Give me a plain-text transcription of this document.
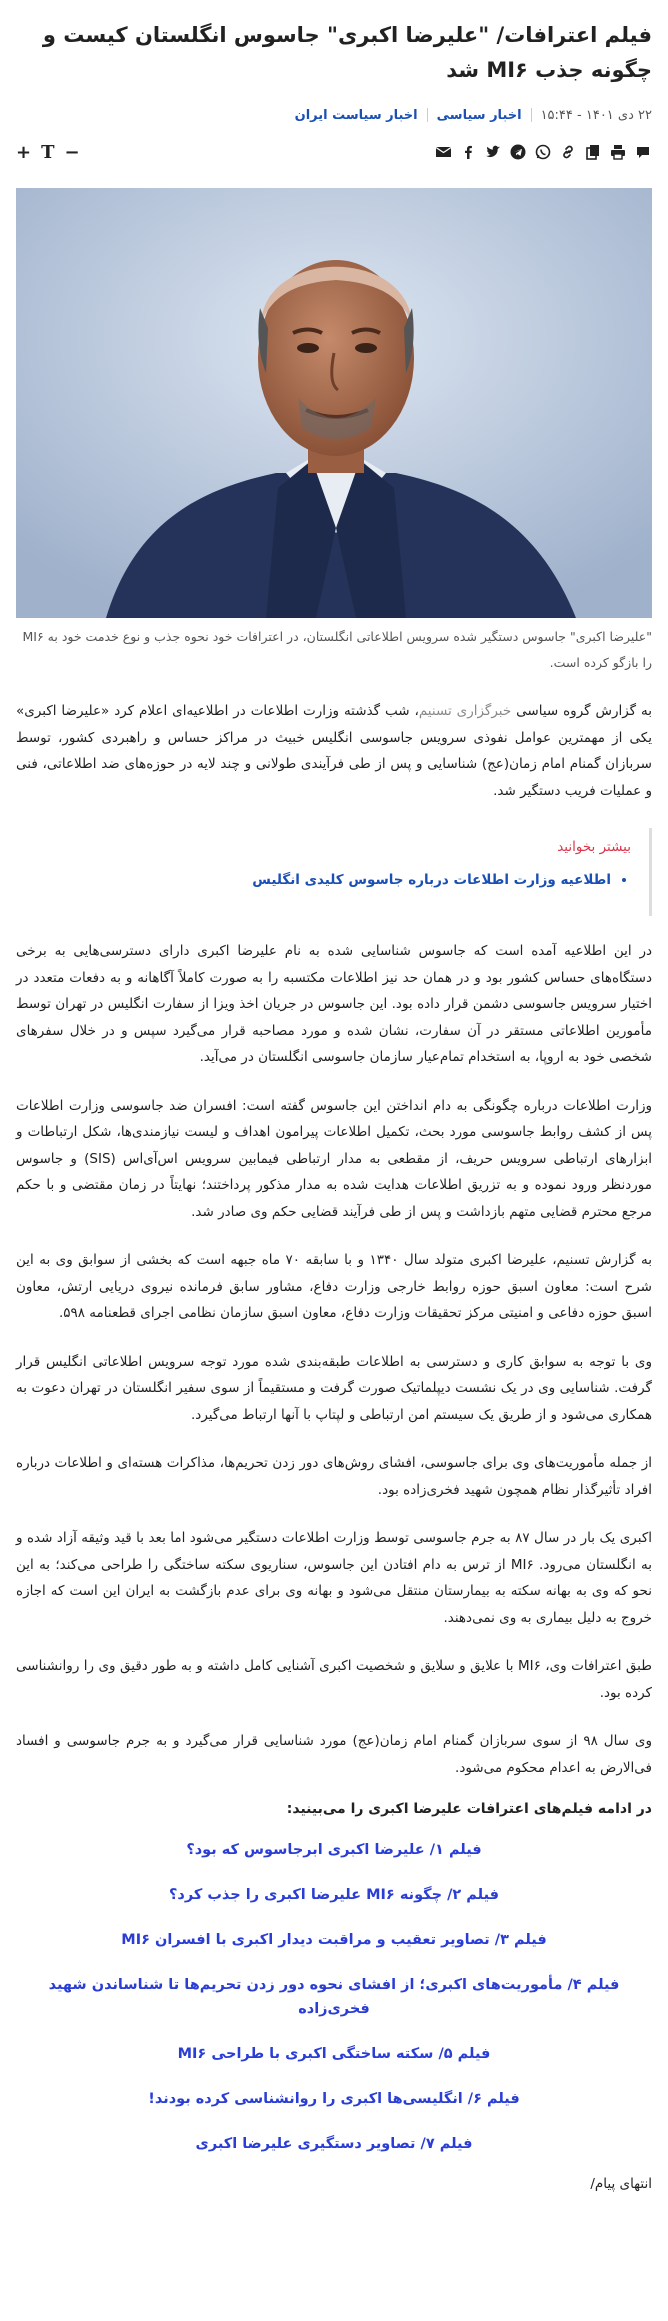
فیلم اعترافات/ "علیرضا اکبری" جاسوس انگلستان کیست و چگونه جذب MI۶ شد
۲۲ دی ۱۴۰۱ - ۱۵:۴۴
اخبار سیاسی
اخبار سیاست ایران
+ T −
"علیرضا اکبری" جاسوس دستگیر شده سرویس اطلاعاتی انگلستان، در اعترافات خود نحوه جذب و نوع خدمت خود به MI۶ را بازگو کرده است.

به گزارش گروه سیاسی خبرگزاری تسنیم، شب گذشته وزارت اطلاعات در اطلاعیه‌ای اعلام کرد «علیرضا اکبری» یکی از مهمترین عوامل نفوذی سرویس جاسوسی انگلیس خبیث در مراکز حساس و راهبردی کشور، توسط سربازان گمنام امام زمان(عج) شناسایی و پس از طی فرآیندی طولانی و چند لایه در حوزه‌های ضد اطلاعاتی، فنی و عملیات فریب دستگیر شد.

بیشتر بخوانید
• اطلاعیه وزارت اطلاعات درباره جاسوس کلیدی انگلیس

در این اطلاعیه آمده است که جاسوس شناسایی شده به نام علیرضا اکبری دارای دسترسی‌هایی به برخی دستگاه‌های حساس کشور بود و در همان حد نیز اطلاعات مکتسبه را به صورت کاملاً آگاهانه و به دفعات متعدد در اختیار سرویس جاسوسی دشمن قرار داده بود. این جاسوس در جریان اخذ ویزا از سفارت انگلیس در تهران توسط مأمورین اطلاعاتی مستقر در آن سفارت، نشان شده و مورد مصاحبه قرار می‌گیرد سپس و در خلال سفرهای شخصی خود به اروپا، به استخدام تمام‌عیار سازمان جاسوسی انگلستان در می‌آید.

وزارت اطلاعات درباره چگونگی به دام انداختن این جاسوس گفته است: افسران ضد جاسوسی وزارت اطلاعات پس از کشف روابط جاسوسی مورد بحث، تکمیل اطلاعات پیرامون اهداف و لیست نیازمندی‌ها، شکل ارتباطات و ابزارهای ارتباطی سرویس حریف، از مقطعی به مدار ارتباطی فیمابین سرویس اس‌آی‌اس (SIS) و جاسوس موردنظر ورود نموده و به تزریق اطلاعات هدایت شده به مدار مذکور پرداختند؛ نهایتاً در زمان مقتضی و با حکم مرجع محترم قضایی متهم بازداشت و پس از طی فرآیند قضایی حکم وی صادر شد.

به گزارش تسنیم، علیرضا اکبری متولد سال ۱۳۴۰ و با سابقه ۷۰ ماه جبهه است که بخشی از سوابق وی به این شرح است: معاون اسبق حوزه روابط خارجی وزارت دفاع، مشاور سابق فرمانده نیروی دریایی ارتش، معاون اسبق حوزه دفاعی و امنیتی مرکز تحقیقات وزارت دفاع، معاون اسبق سازمان نظامی اجرای قطعنامه ۵۹۸.

وی با توجه به سوابق کاری و دسترسی به اطلاعات طبقه‌بندی شده مورد توجه سرویس اطلاعاتی انگلیس قرار گرفت. شناسایی وی در یک نشست دیپلماتیک صورت گرفت و مستقیماً از سوی سفیر انگلستان در تهران دعوت به همکاری می‌شود و از طریق یک سیستم امن ارتباطی و لپتاپ با آنها ارتباط می‌گیرد.

از جمله مأموریت‌های وی برای جاسوسی، افشای روش‌های دور زدن تحریم‌ها، مذاکرات هسته‌ای و اطلاعات درباره افراد تأثیرگذار نظام همچون شهید فخری‌زاده بود.

اکبری یک بار در سال ۸۷ به جرم جاسوسی توسط وزارت اطلاعات دستگیر می‌شود اما بعد با قید وثیقه آزاد شده و به انگلستان می‌رود. MI۶ از ترس به دام افتادن این جاسوس، سناریوی سکته ساختگی را طراحی می‌کند؛ به این نحو که وی به بهانه سکته به بیمارستان منتقل می‌شود و بهانه وی برای عدم بازگشت به ایران این است که اجازه خروج به دلیل بیماری به وی نمی‌دهند.

طبق اعترافات وی، MI۶ با علایق و سلایق و شخصیت اکبری آشنایی کامل داشته و به طور دقیق وی را روانشناسی کرده بود.

وی سال ۹۸ از سوی سربازان گمنام امام زمان(عج) مورد شناسایی قرار می‌گیرد و به جرم جاسوسی و افساد فی‌الارض به اعدام محکوم می‌شود.

در ادامه فیلم‌های اعترافات علیرضا اکبری را می‌بینید:
فیلم ۱/ علیرضا اکبری ابرجاسوس که بود؟
فیلم ۲/ چگونه MI۶ علیرضا اکبری را جذب کرد؟
فیلم ۳/ تصاویر تعقیب و مراقبت دیدار اکبری با افسران MI۶
فیلم ۴/ مأموریت‌های اکبری؛ از افشای نحوه دور زدن تحریم‌ها تا شناساندن شهید فخری‌زاده
فیلم ۵/ سکته ساختگی اکبری با طراحی MI۶
فیلم ۶/ انگلیسی‌ها اکبری را روانشناسی کرده بودند!
فیلم ۷/ تصاویر دستگیری علیرضا اکبری
انتهای پیام/
